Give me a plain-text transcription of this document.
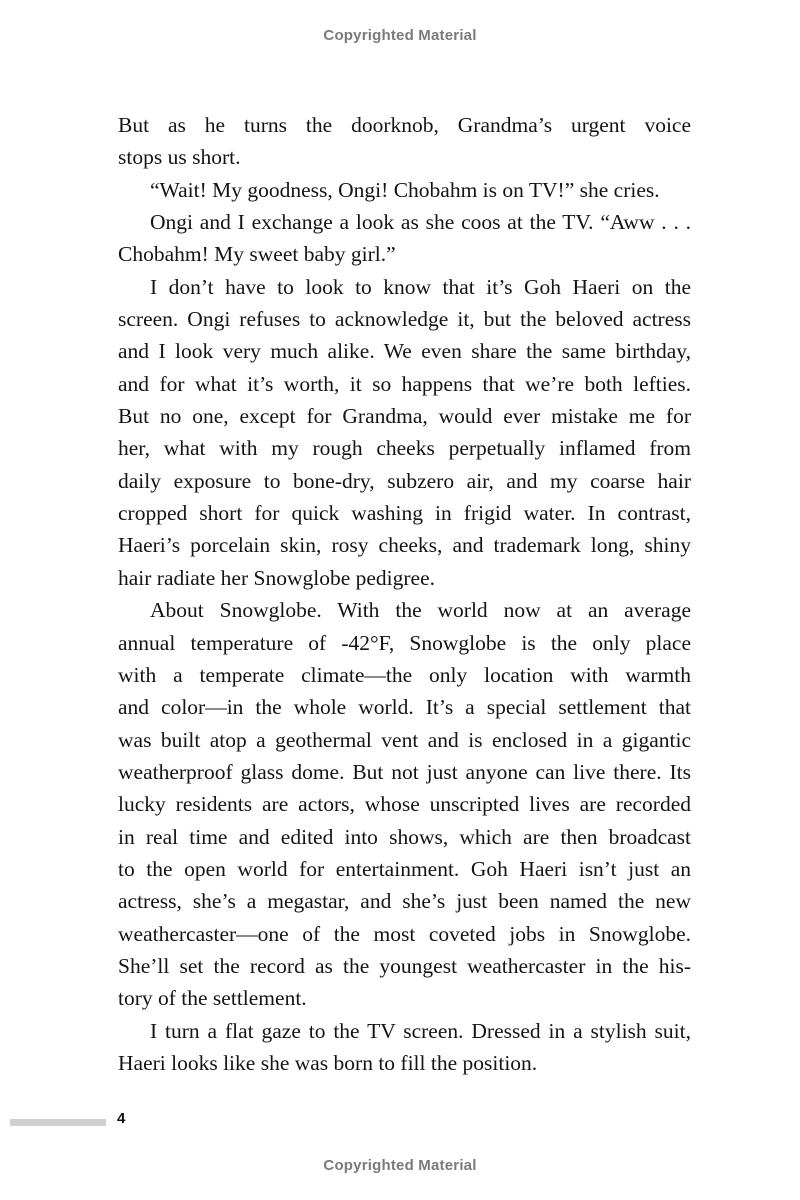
Copyrighted Material
But as he turns the doorknob, Grandma’s urgent voice
stops us short.
“Wait! My goodness, Ongi! Chobahm is on TV!” she cries.
Ongi and I exchange a look as she coos at the TV. “Aww . . .
Chobahm! My sweet baby girl.”
I don’t have to look to know that it’s Goh Haeri on the
screen. Ongi refuses to acknowledge it, but the beloved actress
and I look very much alike. We even share the same birthday,
and for what it’s worth, it so happens that we’re both lefties.
But no one, except for Grandma, would ever mistake me for
her, what with my rough cheeks perpetually inflamed from
daily exposure to bone-dry, subzero air, and my coarse hair
cropped short for quick washing in frigid water. In contrast,
Haeri’s porcelain skin, rosy cheeks, and trademark long, shiny
hair radiate her Snowglobe pedigree.
About Snowglobe. With the world now at an average
annual temperature of -42°F, Snowglobe is the only place
with a temperate climate—the only location with warmth
and color—in the whole world. It’s a special settlement that
was built atop a geothermal vent and is enclosed in a gigantic
weatherproof glass dome. But not just anyone can live there. Its
lucky residents are actors, whose unscripted lives are recorded
in real time and edited into shows, which are then broadcast
to the open world for entertainment. Goh Haeri isn’t just an
actress, she’s a megastar, and she’s just been named the new
weathercaster—one of the most coveted jobs in Snowglobe.
She’ll set the record as the youngest weathercaster in the his-
tory of the settlement.
I turn a flat gaze to the TV screen. Dressed in a stylish suit,
Haeri looks like she was born to fill the position.
4
Copyrighted Material
